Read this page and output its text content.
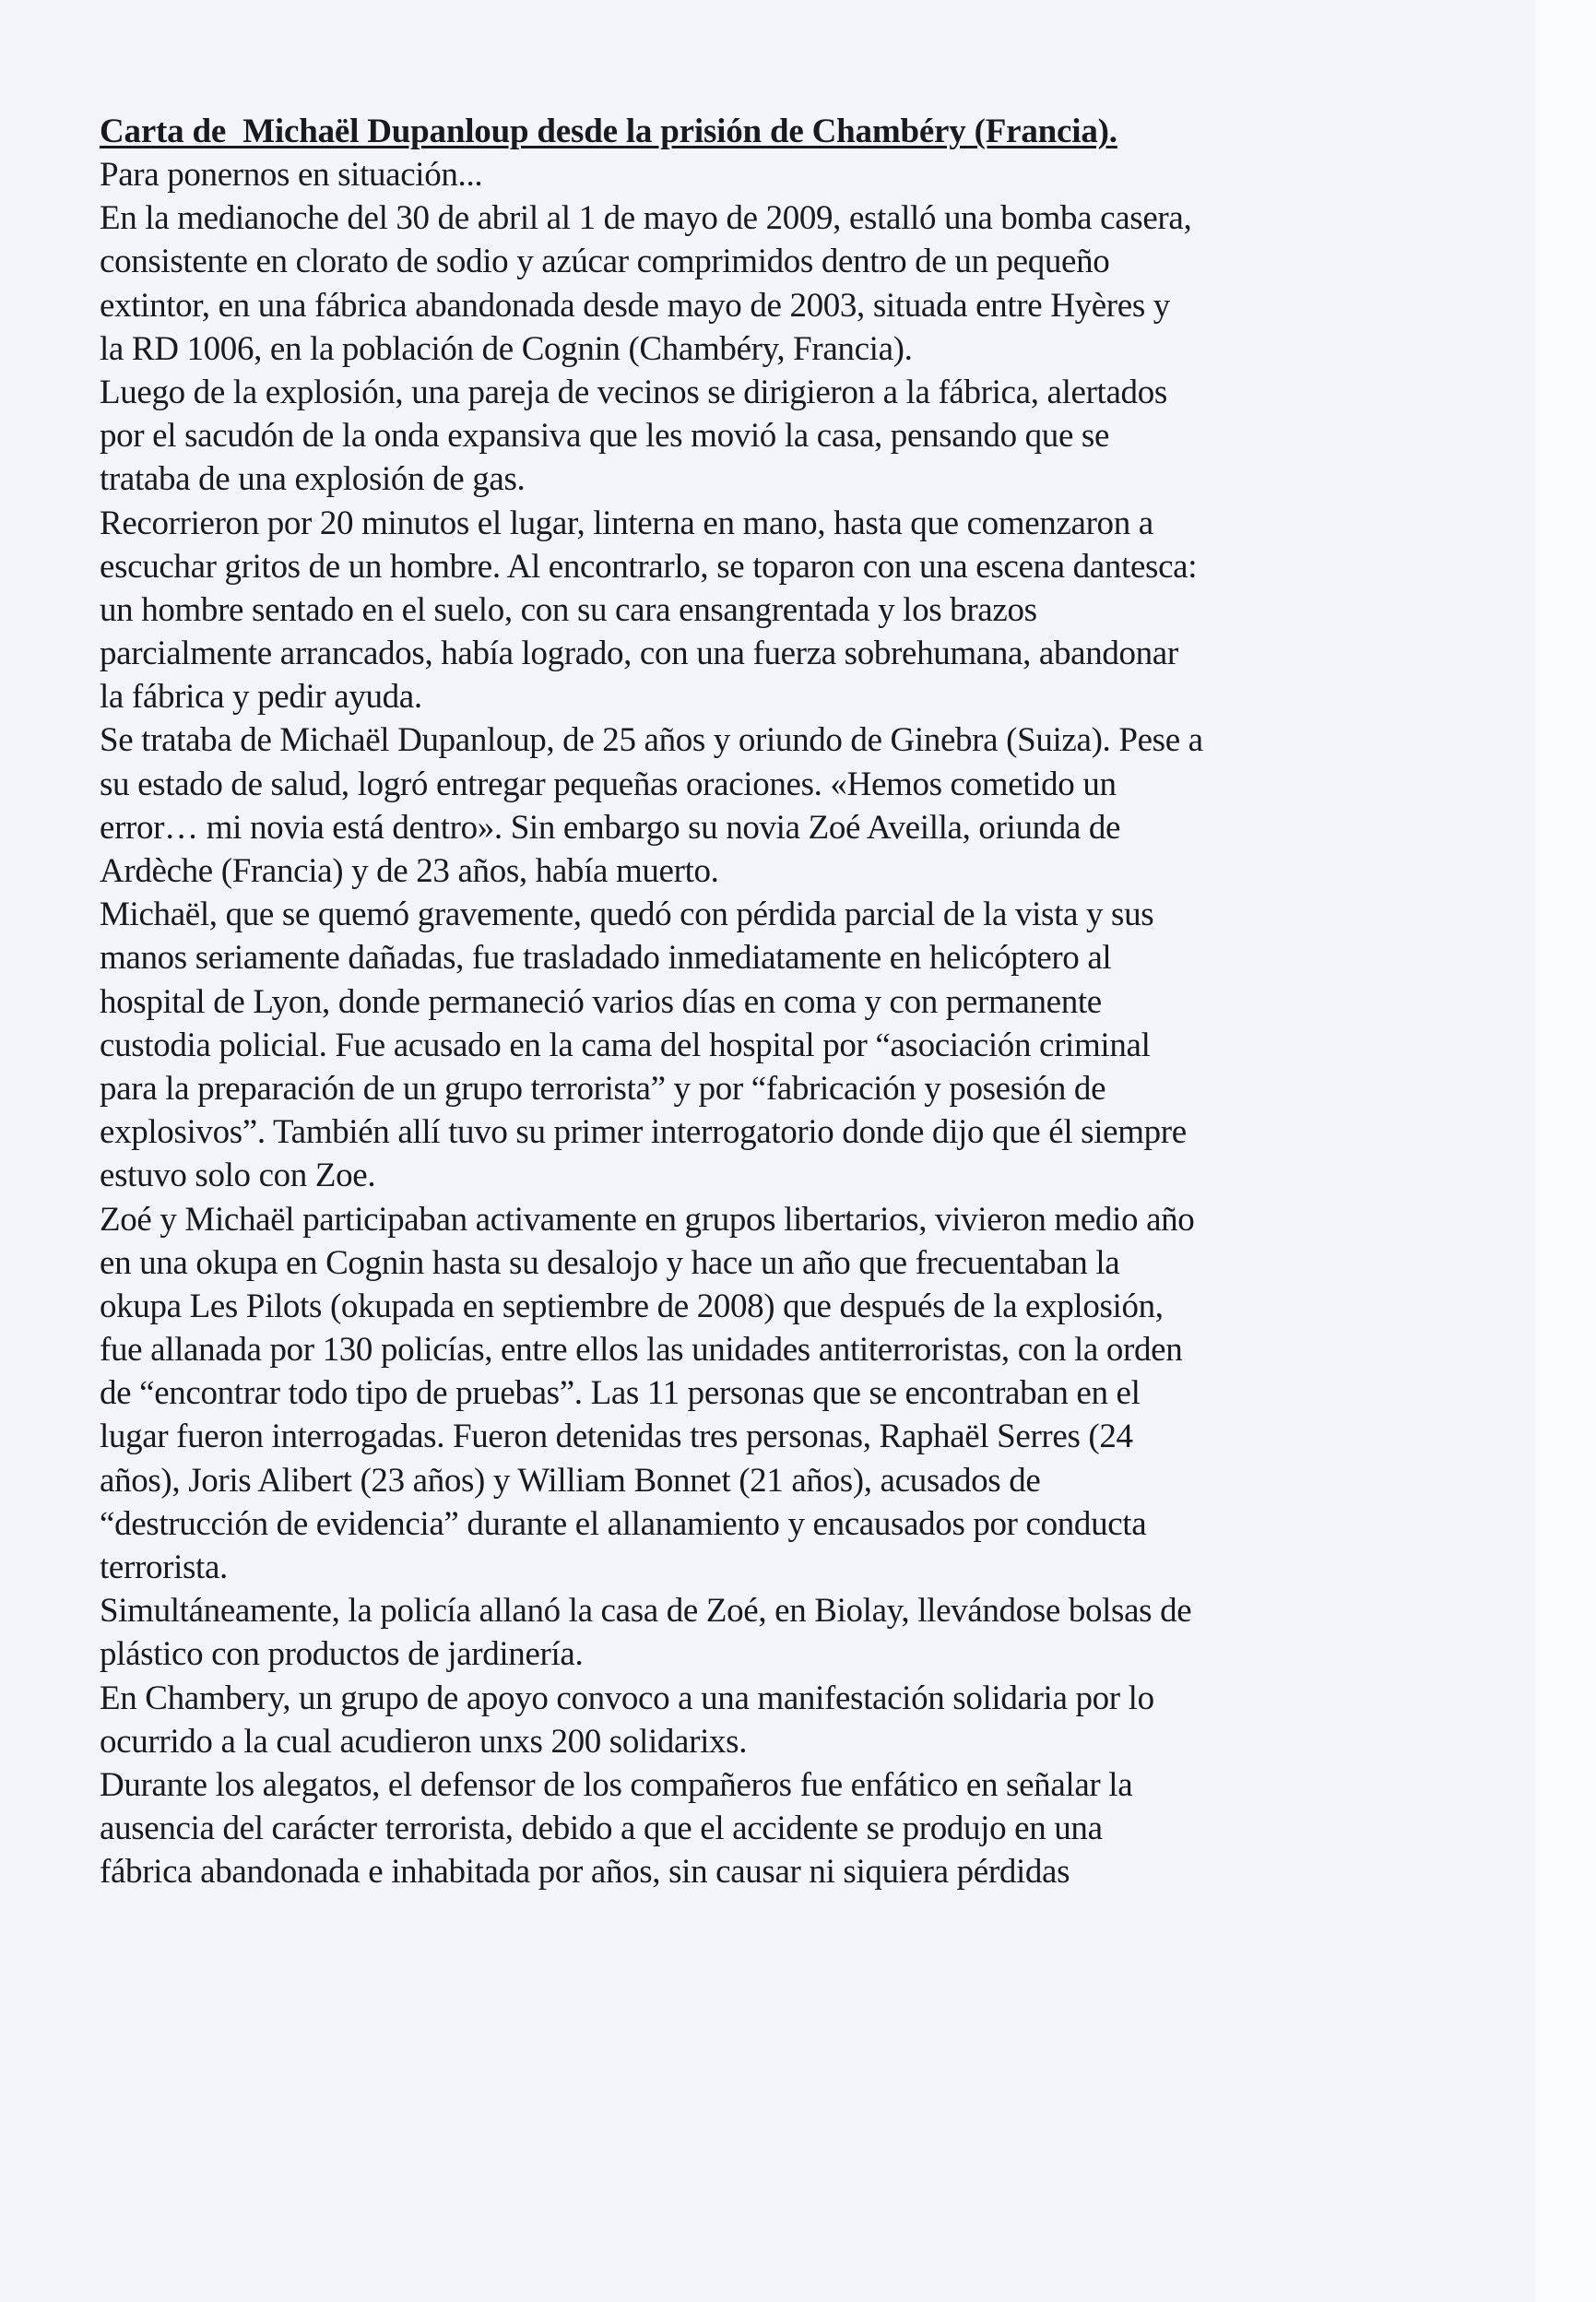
Carta de  Michaël Dupanloup desde la prisión de Chambéry (Francia).
Para ponernos en situación...
En la medianoche del 30 de abril al 1 de mayo de 2009, estalló una bomba casera,
consistente en clorato de sodio y azúcar comprimidos dentro de un pequeño
extintor, en una fábrica abandonada desde mayo de 2003, situada entre Hyères y
la RD 1006, en la población de Cognin (Chambéry, Francia).
Luego de la explosión, una pareja de vecinos se dirigieron a la fábrica, alertados
por el sacudón de la onda expansiva que les movió la casa, pensando que se
trataba de una explosión de gas.
Recorrieron por 20 minutos el lugar, linterna en mano, hasta que comenzaron a
escuchar gritos de un hombre. Al encontrarlo, se toparon con una escena dantesca:
un hombre sentado en el suelo, con su cara ensangrentada y los brazos
parcialmente arrancados, había logrado, con una fuerza sobrehumana, abandonar
la fábrica y pedir ayuda.
Se trataba de Michaël Dupanloup, de 25 años y oriundo de Ginebra (Suiza). Pese a
su estado de salud, logró entregar pequeñas oraciones. «Hemos cometido un
error… mi novia está dentro». Sin embargo su novia Zoé Aveilla, oriunda de
Ardèche (Francia) y de 23 años, había muerto.
Michaël, que se quemó gravemente, quedó con pérdida parcial de la vista y sus
manos seriamente dañadas, fue trasladado inmediatamente en helicóptero al
hospital de Lyon, donde permaneció varios días en coma y con permanente
custodia policial. Fue acusado en la cama del hospital por “asociación criminal
para la preparación de un grupo terrorista” y por “fabricación y posesión de
explosivos”. También allí tuvo su primer interrogatorio donde dijo que él siempre
estuvo solo con Zoe.
Zoé y Michaël participaban activamente en grupos libertarios, vivieron medio año
en una okupa en Cognin hasta su desalojo y hace un año que frecuentaban la
okupa Les Pilots (okupada en septiembre de 2008) que después de la explosión,
fue allanada por 130 policías, entre ellos las unidades antiterroristas, con la orden
de “encontrar todo tipo de pruebas”. Las 11 personas que se encontraban en el
lugar fueron interrogadas. Fueron detenidas tres personas, Raphaël Serres (24
años), Joris Alibert (23 años) y William Bonnet (21 años), acusados de
“destrucción de evidencia” durante el allanamiento y encausados por conducta
terrorista.
Simultáneamente, la policía allanó la casa de Zoé, en Biolay, llevándose bolsas de
plástico con productos de jardinería.
En Chambery, un grupo de apoyo convoco a una manifestación solidaria por lo
ocurrido a la cual acudieron unxs 200 solidarixs.
Durante los alegatos, el defensor de los compañeros fue enfático en señalar la
ausencia del carácter terrorista, debido a que el accidente se produjo en una
fábrica abandonada e inhabitada por años, sin causar ni siquiera pérdidas
